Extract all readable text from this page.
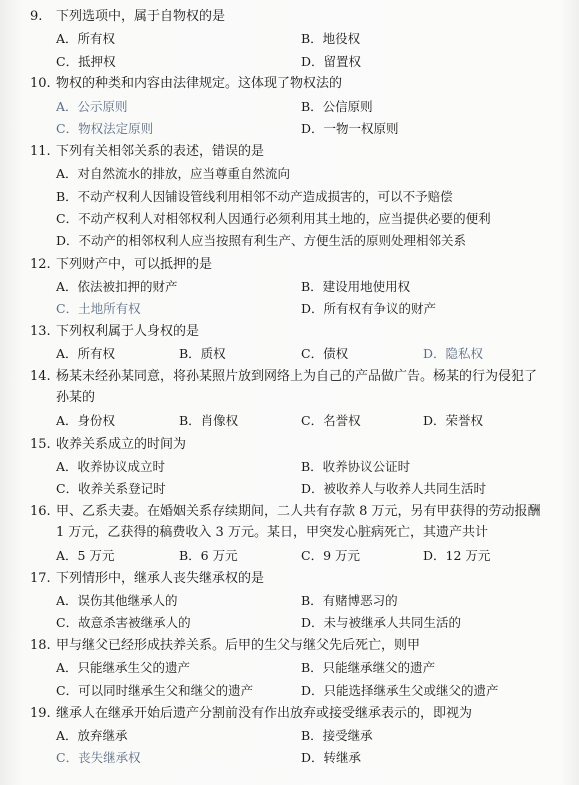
9. 下列选项中，属于自物权的是
A．所有权	B．地役权
C．抵押权	D．留置权
10. 物权的种类和内容由法律规定。这体现了物权法的
A．公示原则	B．公信原则
C．物权法定原则	D．一物一权原则
11. 下列有关相邻关系的表述，错误的是
A．对自然流水的排放，应当尊重自然流向
B．不动产权利人因铺设管线利用相邻不动产造成损害的，可以不予赔偿
C．不动产权利人对相邻权利人因通行必须利用其土地的，应当提供必要的便利
D．不动产的相邻权利人应当按照有利生产、方便生活的原则处理相邻关系
12. 下列财产中，可以抵押的是
A．依法被扣押的财产	B．建设用地使用权
C．土地所有权	D．所有权有争议的财产
13. 下列权利属于人身权的是
A．所有权	B．质权	C．债权	D．隐私权
14. 杨某未经孙某同意，将孙某照片放到网络上为自己的产品做广告。杨某的行为侵犯了
孙某的
A．身份权	B．肖像权	C．名誉权	D．荣誉权
15. 收养关系成立的时间为
A．收养协议成立时	B．收养协议公证时
C．收养关系登记时	D．被收养人与收养人共同生活时
16. 甲、乙系夫妻。在婚姻关系存续期间，二人共有存款 8 万元，另有甲获得的劳动报酬
1 万元，乙获得的稿费收入 3 万元。某日，甲突发心脏病死亡，其遗产共计
A．5 万元	B．6 万元	C．9 万元	D．12 万元
17. 下列情形中，继承人丧失继承权的是
A．误伤其他继承人的	B．有赌博恶习的
C．故意杀害被继承人的	D．未与被继承人共同生活的
18. 甲与继父已经形成扶养关系。后甲的生父与继父先后死亡，则甲
A．只能继承生父的遗产	B．只能继承继父的遗产
C．可以同时继承生父和继父的遗产	D．只能选择继承生父或继父的遗产
19. 继承人在继承开始后遗产分割前没有作出放弃或接受继承表示的，即视为
A．放弃继承	B．接受继承
C．丧失继承权	D．转继承
